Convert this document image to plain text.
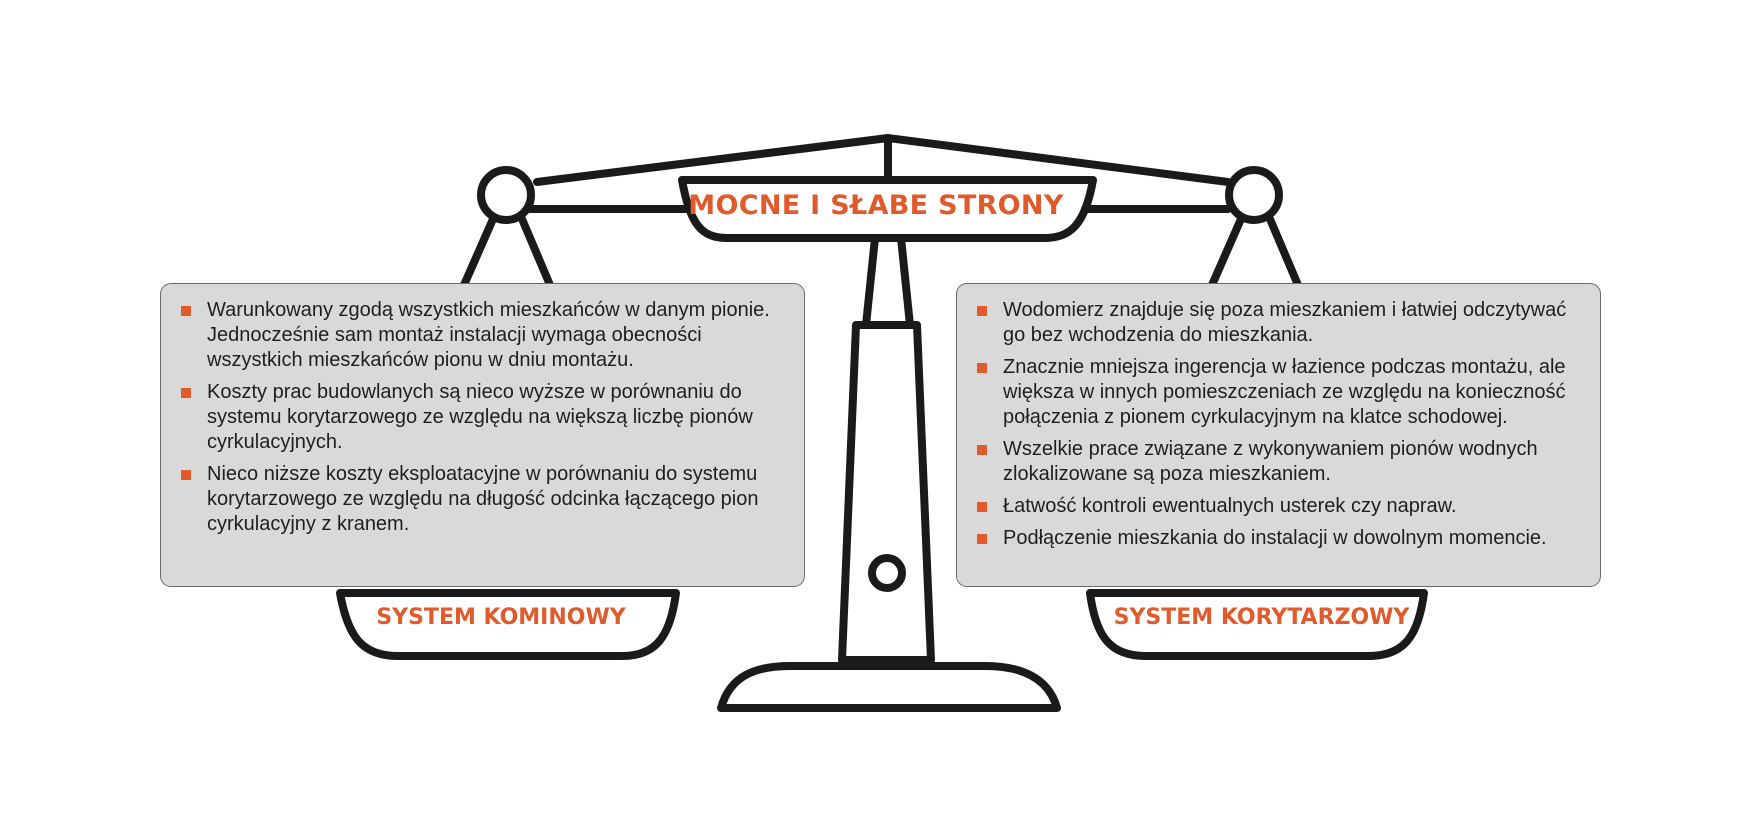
MOCNE I SŁABE STRONY
Warunkowany zgodą wszystkich mieszkańców w danym pionie. Jednocześnie sam montaż instalacji wymaga obecności wszystkich mieszkańców pionu w dniu montażu.
Koszty prac budowlanych są nieco wyższe w porównaniu do systemu korytarzowego ze względu na większą liczbę pionów cyrkulacyjnych.
Nieco niższe koszty eksploatacyjne w porównaniu do systemu korytarzowego ze względu na długość odcinka łączącego pion cyrkulacyjny z kranem.
Wodomierz znajduje się poza mieszkaniem i łatwiej odczytywać go bez wchodzenia do mieszkania.
Znacznie mniejsza ingerencja w łazience podczas montażu, ale większa w innych pomieszczeniach ze względu na konieczność połączenia z pionem cyrkulacyjnym na klatce schodowej.
Wszelkie prace związane z wykonywaniem pionów wodnych zlokalizowane są poza mieszkaniem.
Łatwość kontroli ewentualnych usterek czy napraw.
Podłączenie mieszkania do instalacji w dowolnym momencie.
SYSTEM KOMINOWY	SYSTEM KORYTARZOWY
